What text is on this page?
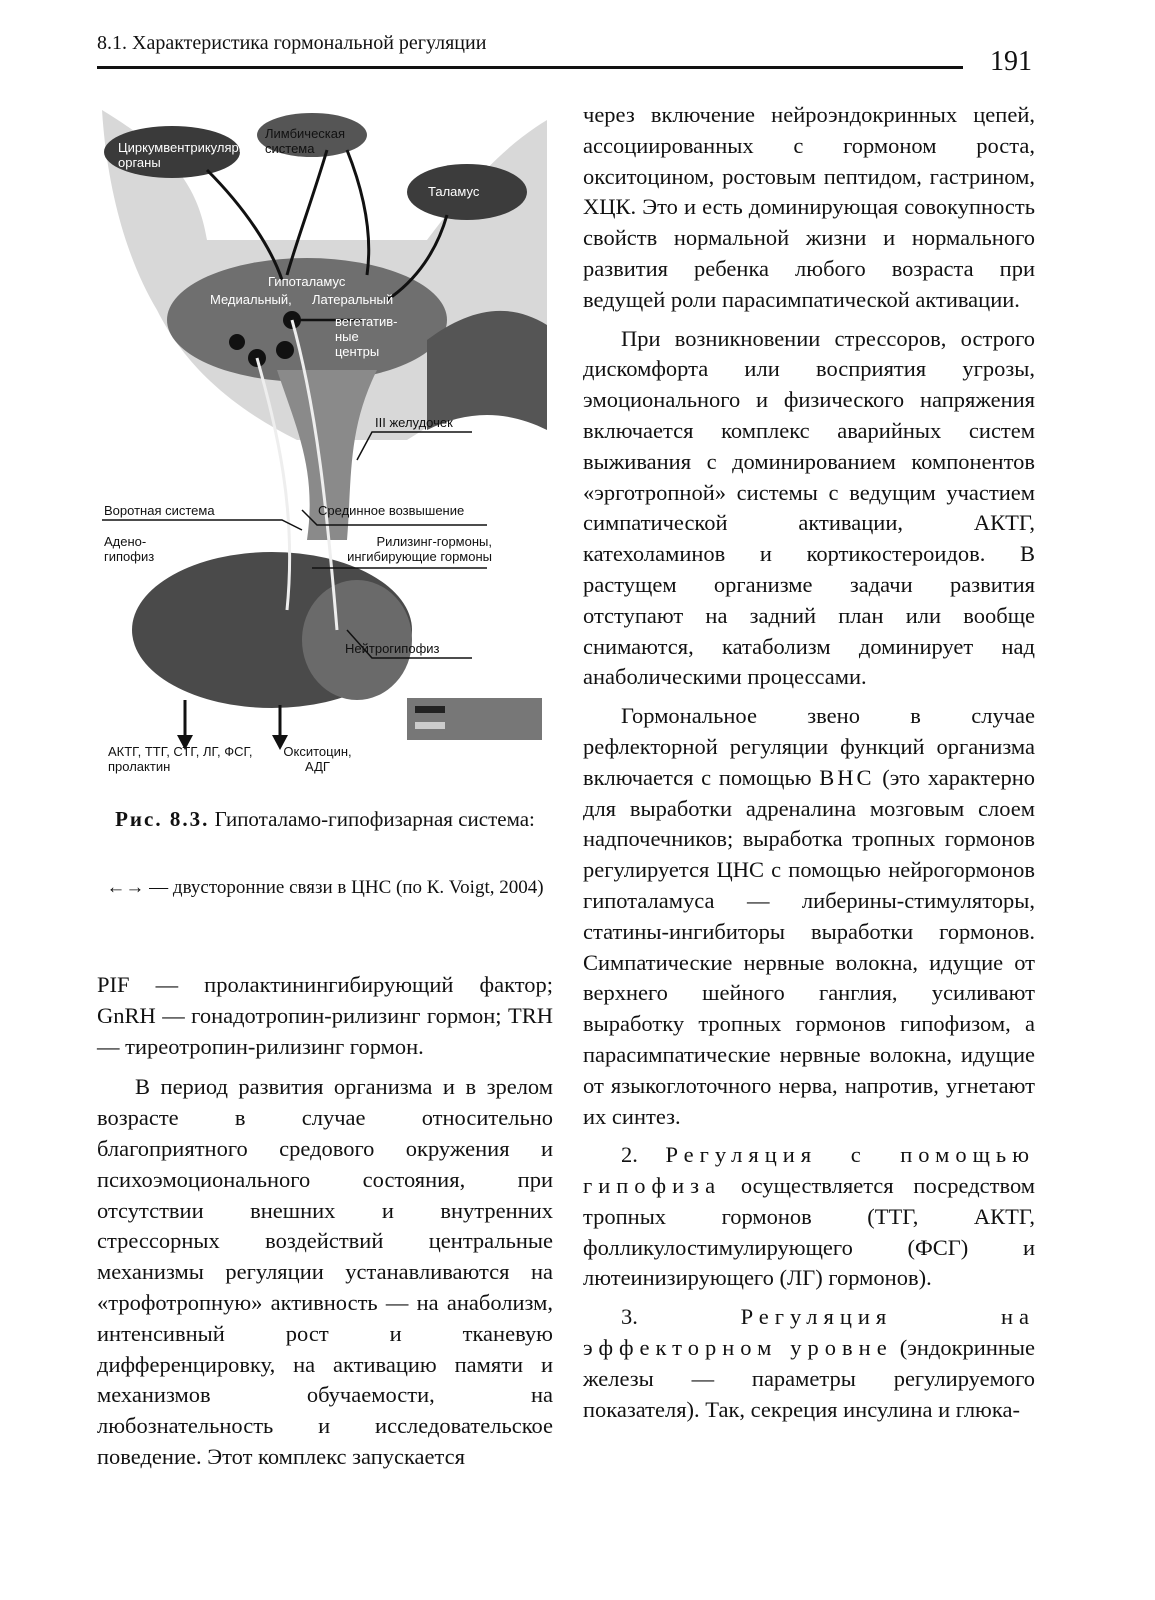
8.1. Характеристика гормональной регуляции
191
Циркумвентрикулярные органы
Лимбическая система
Таламус
Гипоталамус
Медиальный, Латеральный
вегетатив-ные центры
III желудочек
Воротная система	Срединное возвышение
Адено-гипофиз
Рилизинг-гормоны, ингибирующие гормоны
Нейтрогипофиз
АКТГ, ТТГ, СТГ, ЛГ, ФСГ, пролактин
Окситоцин, АДГ
Рис. 8.3. Гипоталамо-гипофизарная система:
←→ — двусторонние связи в ЦНС (по К. Voigt, 2004)

PIF — пролактинингибирующий фактор; GnRH — гонадотропин-рилизинг гормон; TRH — тиреотропин-рилизинг гормон.

В период развития организма и в зрелом возрасте в случае относительно благоприятного средового окружения и психоэмоционального состояния, при отсутствии внешних и внутренних стрессорных воздействий центральные механизмы регуляции устанавливаются на «трофотропную» активность — на анаболизм, интенсивный рост и тканевую дифференцировку, на активацию памяти и механизмов обучаемости, на любознательность и исследовательское поведение. Этот комплекс запускается

через включение нейроэндокринных цепей, ассоциированных с гормоном роста, окситоцином, ростовым пептидом, гастрином, ХЦК. Это и есть доминирующая совокупность свойств нормальной жизни и нормального развития ребенка любого возраста при ведущей роли парасимпатической активации.

При возникновении стрессоров, острого дискомфорта или восприятия угрозы, эмоционального и физического напряжения включается комплекс аварийных систем выживания с доминированием компонентов «эрготропной» системы с ведущим участием симпатической активации, АКТГ, катехоламинов и кортикостероидов. В растущем организме задачи развития отступают на задний план или вообще снимаются, катаболизм доминирует над анаболическими процессами.

Гормональное звено в случае рефлекторной регуляции функций организма включается с помощью ВНС (это характерно для выработки адреналина мозговым слоем надпочечников; выработка тропных гормонов регулируется ЦНС с помощью нейрогормонов гипоталамуса — либерины-стимуляторы, статины-ингибиторы выработки гормонов. Симпатические нервные волокна, идущие от верхнего шейного ганглия, усиливают выработку тропных гормонов гипофизом, а парасимпатические нервные волокна, идущие от языкоглоточного нерва, напротив, угнетают их синтез.

2. Регуляция с помощью гипофиза осуществляется посредством тропных гормонов (ТТГ, АКТГ, фолликулостимулирующего (ФСГ) и лютеинизирующего (ЛГ) гормонов).

3.	Регуляция на эффекторном уровне (эндокринные железы — параметры регулируемого показателя). Так, секреция инсулина и глюка-
